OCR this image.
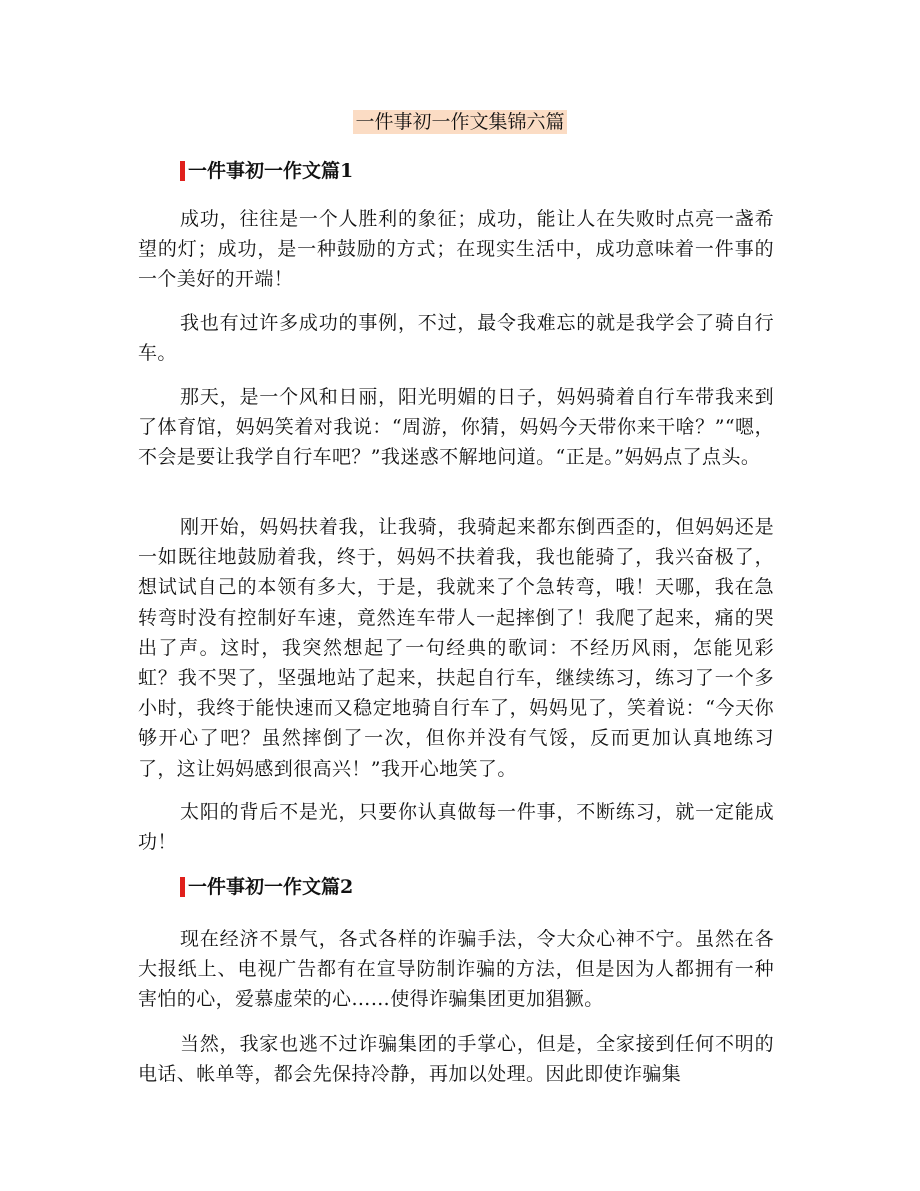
一件事初一作文集锦六篇
一件事初一作文篇1

成功，往往是一个人胜利的象征；成功，能让人在失败时点亮一盏希望的灯；成功，是一种鼓励的方式；在现实生活中，成功意味着一件事的一个美好的开端！

我也有过许多成功的事例，不过，最令我难忘的就是我学会了骑自行车。

那天，是一个风和日丽，阳光明媚的日子，妈妈骑着自行车带我来到了体育馆，妈妈笑着对我说：“周游，你猜，妈妈今天带你来干啥？”“嗯，不会是要让我学自行车吧？”我迷惑不解地问道。“正是。”妈妈点了点头。

刚开始，妈妈扶着我，让我骑，我骑起来都东倒西歪的，但妈妈还是一如既往地鼓励着我，终于，妈妈不扶着我，我也能骑了，我兴奋极了，想试试自己的本领有多大，于是，我就来了个急转弯，哦！天哪，我在急转弯时没有控制好车速，竟然连车带人一起摔倒了！我爬了起来，痛的哭出了声。这时，我突然想起了一句经典的歌词：不经历风雨，怎能见彩虹？我不哭了，坚强地站了起来，扶起自行车，继续练习，练习了一个多小时，我终于能快速而又稳定地骑自行车了，妈妈见了，笑着说：“今天你够开心了吧？虽然摔倒了一次，但你并没有气馁，反而更加认真地练习了，这让妈妈感到很高兴！”我开心地笑了。

太阳的背后不是光，只要你认真做每一件事，不断练习，就一定能成功！

一件事初一作文篇2

现在经济不景气，各式各样的诈骗手法，令大众心神不宁。虽然在各大报纸上、电视广告都有在宣导防制诈骗的方法，但是因为人都拥有一种害怕的心，爱慕虚荣的心……使得诈骗集团更加猖獗。

当然，我家也逃不过诈骗集团的手掌心，但是，全家接到任何不明的电话、帐单等，都会先保持冷静，再加以处理。因此即使诈骗集
